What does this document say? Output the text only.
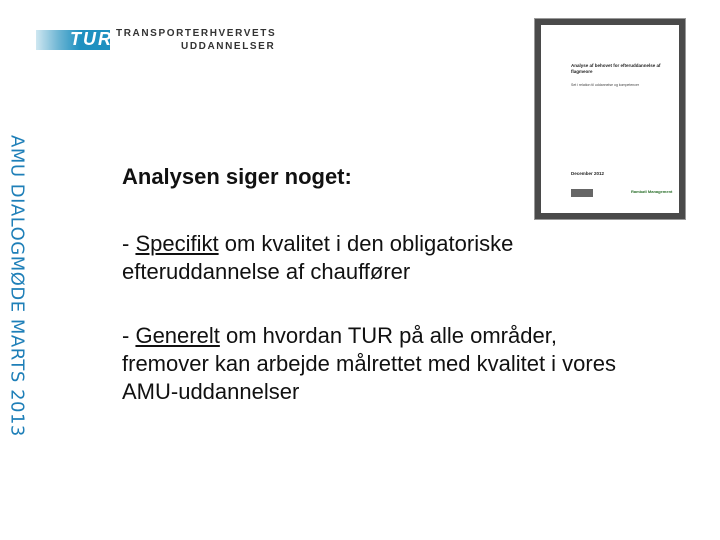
TUR TRANSPORTERHVERVETS
UDDANNELSER
AMU DIALOGMØDE MARTS 2013
Analyse af behovet for efteruddannelse af flagmeore
Set i relation til uddannelse og kompetencer
December 2012
Rambøll Management
Analysen siger noget:
- Specifikt om kvalitet i den obligatoriske efteruddannelse af chauffører
- Generelt om hvordan TUR på alle områder, fremover kan arbejde målrettet med kvalitet i vores AMU-uddannelser
